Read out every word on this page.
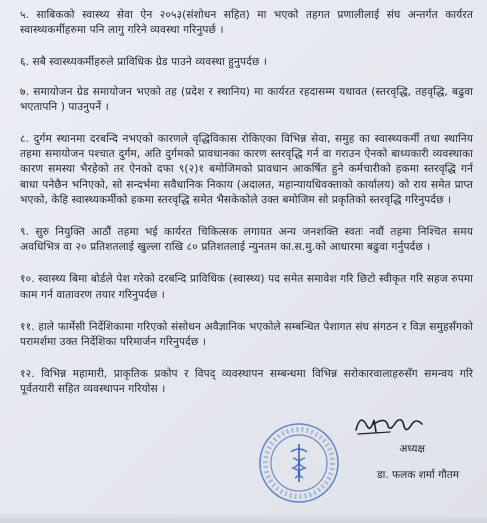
५. साबिकको स्वास्थ्य सेवा ऐन २०५३(संशोधन सहित) मा भएको तहगत प्रणालीलाई संघ अन्तर्गत कार्यरत स्वास्थ्यकर्मीहरुमा पनि लागु गरिने व्यवस्था गरिनुपर्छ ।

६. सबै स्वास्थ्यकर्मीहरुले प्राविधिक ग्रेड पाउने व्यवस्था हुनुपर्दछ ।

७. समायोजन ग्रेड समायोजन भएको तह (प्रदेश र स्थानिय) मा कार्यरत रहदासम्म यथावत (स्तरवृद्धि, तहवृद्धि, बढुवा भएतापनि ) पाउनुपर्ने ।

८. दुर्गम स्थानमा दरबन्दि नभएको कारणले वृद्धिविकास रोकिएका विभिन्न सेवा, समुह का स्वास्थ्यकर्मी तथा स्थानिय तहमा समायोजन पश्चात दुर्गम, अति दुर्गमको प्रावधानका कारण स्तरवृद्धि गर्न वा गराउन ऐनको बाध्यकारी व्यवस्थाका कारण समस्या भैरहेको तर ऐनको दफा ९(२)१ बमोजिमको प्रावधान आकर्षित हुने कर्मचारीको हकमा स्तरवृद्धि गर्न बाधा पनेछैन भनिएको, सो सन्दर्भमा सवैधानिक निकाय (अदालत, महान्यायधिवक्ताको कार्यालय) को राय समेत प्राप्त भएको, केहि स्वास्थ्यकर्मीको हकमा स्तरवृद्धि समेत भैसकेकोले उक्त बमोजिम सो प्रकृतिको स्तरवृद्धि गरिनुपर्दछ ।

९. सुरु नियुक्ति आठौं तहमा भई कार्यरत चिकित्सक लगायत अन्य जनशक्ति स्वतः नवौं तहमा निश्चित समय अवधिभित्र वा २० प्रतिशतलाई खुल्ला राखि ८० प्रतिशतलाई न्युनतम का.स.मु.को आधारमा बढुवा गर्नुपर्दछ ।

१०. स्वास्थ्य बिमा बोर्डले पेश गरेको दरबन्दि प्राविधिक (स्वास्थ्य) पद समेत समावेश गरि छिटो स्वीकृत गरि सहज रुपमा काम गर्न वातावरण तयार गरिनुपर्दछ ।

११. हाले फार्मेसी निर्देशिकामा गरिएको संसोधन अवैज्ञानिक भएकोले सम्बन्धित पेशागत संघ संगठन र विज्ञ समुहसँगको परामर्शमा उक्त निर्देशिका परिमार्जन गरिनुपर्दछ ।

१२. विभिन्न महामारी, प्राकृतिक प्रकोप र विपद् व्यवस्थापन सम्बन्धमा विभिन्न सरोकारवालाहरुसँग समन्वय गरि पूर्वतयारी सहित व्यवस्थापन गरियोस ।

अध्यक्ष
डा. फलक शर्मा गौतम
